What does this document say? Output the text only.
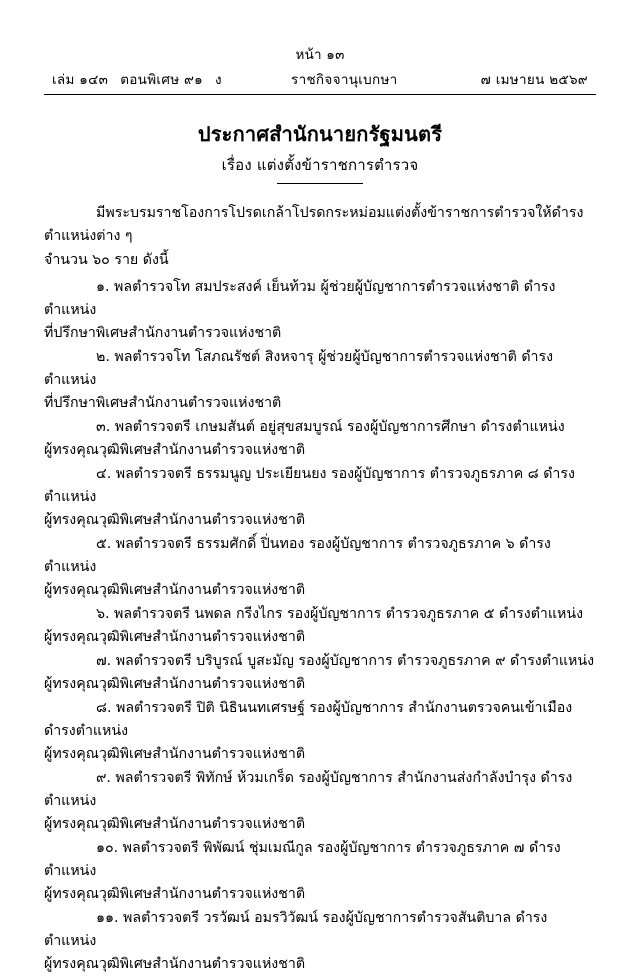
หน้า ๑๓
เล่ม ๑๔๓ ตอนพิเศษ ๙๑ ง	ราชกิจจานุเบกษา	๗ เมษายน ๒๕๖๙
ประกาศสำนักนายกรัฐมนตรี
เรื่อง แต่งตั้งข้าราชการตำรวจ

มีพระบรมราชโองการโปรดเกล้าโปรดกระหม่อมแต่งตั้งข้าราชการตำรวจให้ดำรงตำแหน่งต่าง ๆ

จำนวน ๖๐ ราย ดังนี้

๑. พลตำรวจโท สมประสงค์ เย็นท้วม ผู้ช่วยผู้บัญชาการตำรวจแห่งชาติ ดำรงตำแหน่ง

ที่ปรึกษาพิเศษสำนักงานตำรวจแห่งชาติ

๒. พลตำรวจโท โสภณรัชต์ สิงหจารุ ผู้ช่วยผู้บัญชาการตำรวจแห่งชาติ ดำรงตำแหน่ง

ที่ปรึกษาพิเศษสำนักงานตำรวจแห่งชาติ

๓. พลตำรวจตรี เกษมสันต์ อยู่สุขสมบูรณ์ รองผู้บัญชาการศึกษา ดำรงตำแหน่ง

ผู้ทรงคุณวุฒิพิเศษสำนักงานตำรวจแห่งชาติ

๔. พลตำรวจตรี ธรรมนูญ ประเยียนยง รองผู้บัญชาการ ตำรวจภูธรภาค ๘ ดำรงตำแหน่ง

ผู้ทรงคุณวุฒิพิเศษสำนักงานตำรวจแห่งชาติ

๕. พลตำรวจตรี ธรรมศักดิ์ ปิ่นทอง รองผู้บัญชาการ ตำรวจภูธรภาค ๖ ดำรงตำแหน่ง

ผู้ทรงคุณวุฒิพิเศษสำนักงานตำรวจแห่งชาติ

๖. พลตำรวจตรี นพดล กรีงไกร รองผู้บัญชาการ ตำรวจภูธรภาค ๕ ดำรงตำแหน่ง

ผู้ทรงคุณวุฒิพิเศษสำนักงานตำรวจแห่งชาติ

๗. พลตำรวจตรี บริบูรณ์ บูสะมัญ รองผู้บัญชาการ ตำรวจภูธรภาค ๙ ดำรงตำแหน่ง

ผู้ทรงคุณวุฒิพิเศษสำนักงานตำรวจแห่งชาติ

๘. พลตำรวจตรี ปิติ นิธินนทเศรษฐ์ รองผู้บัญชาการ สำนักงานตรวจคนเข้าเมือง ดำรงตำแหน่ง

ผู้ทรงคุณวุฒิพิเศษสำนักงานตำรวจแห่งชาติ

๙. พลตำรวจตรี พิทักษ์ ห้วมเกร็ด รองผู้บัญชาการ สำนักงานส่งกำลังบำรุง ดำรงตำแหน่ง

ผู้ทรงคุณวุฒิพิเศษสำนักงานตำรวจแห่งชาติ

๑๐. พลตำรวจตรี พิพัฒน์ ชุ่มเมณีกูล รองผู้บัญชาการ ตำรวจภูธรภาค ๗ ดำรงตำแหน่ง

ผู้ทรงคุณวุฒิพิเศษสำนักงานตำรวจแห่งชาติ

๑๑. พลตำรวจตรี วรวัฒน์ อมรวิวัฒน์ รองผู้บัญชาการตำรวจสันติบาล ดำรงตำแหน่ง

ผู้ทรงคุณวุฒิพิเศษสำนักงานตำรวจแห่งชาติ
